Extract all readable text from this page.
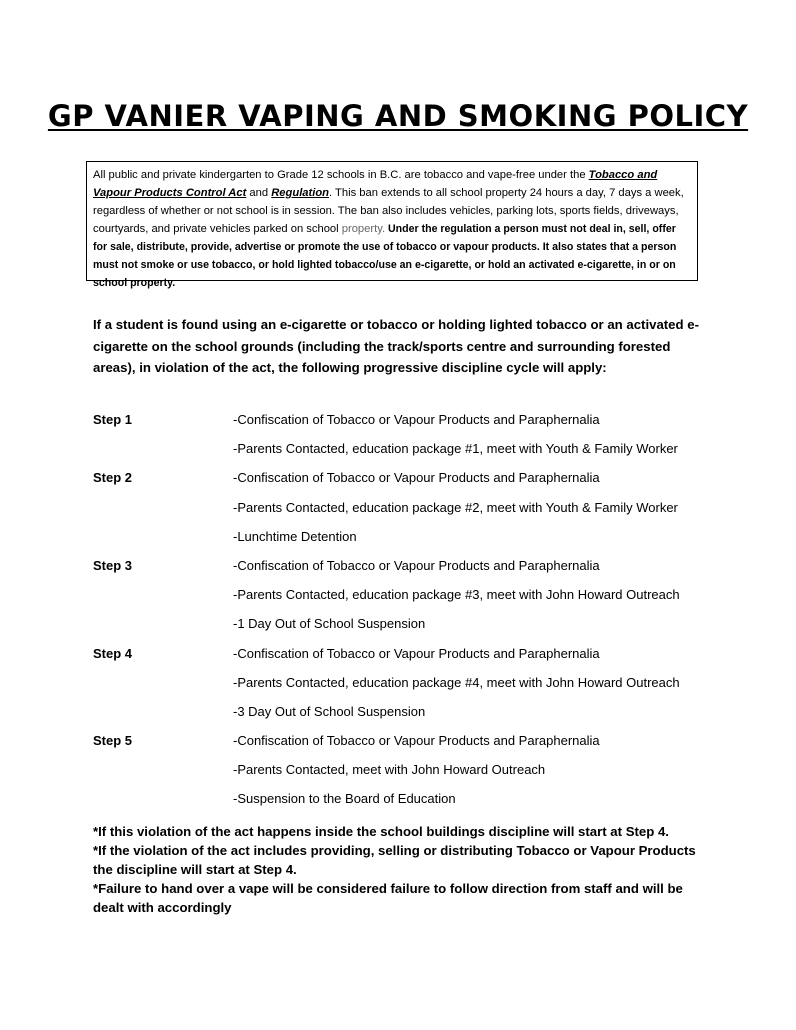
GP VANIER VAPING AND SMOKING POLICY
All public and private kindergarten to Grade 12 schools in B.C. are tobacco and vape-free under the Tobacco and Vapour Products Control Act and Regulation. This ban extends to all school property 24 hours a day, 7 days a week, regardless of whether or not school is in session. The ban also includes vehicles, parking lots, sports fields, driveways, courtyards, and private vehicles parked on school property. Under the regulation a person must not deal in, sell, offer for sale, distribute, provide, advertise or promote the use of tobacco or vapour products. It also states that a person must not smoke or use tobacco, or hold lighted tobacco/use an e-cigarette, or hold an activated e-cigarette, in or on school property.
If a student is found using an e-cigarette or tobacco or holding lighted tobacco or an activated e-cigarette on the school grounds (including the track/sports centre and surrounding forested areas), in violation of the act, the following progressive discipline cycle will apply:
Step 1	-Confiscation of Tobacco or Vapour Products and Paraphernalia
-Parents Contacted, education package #1, meet with Youth & Family Worker
Step 2	-Confiscation of Tobacco or Vapour Products and Paraphernalia
-Parents Contacted, education package #2, meet with Youth & Family Worker
-Lunchtime Detention
Step 3	-Confiscation of Tobacco or Vapour Products and Paraphernalia
-Parents Contacted, education package #3, meet with John Howard Outreach
-1 Day Out of School Suspension
Step 4	-Confiscation of Tobacco or Vapour Products and Paraphernalia
-Parents Contacted, education package #4, meet with John Howard Outreach
-3 Day Out of School Suspension
Step 5	-Confiscation of Tobacco or Vapour Products and Paraphernalia
-Parents Contacted, meet with John Howard Outreach
-Suspension to the Board of Education

*If this violation of the act happens inside the school buildings discipline will start at Step 4.

*If the violation of the act includes providing, selling or distributing Tobacco or Vapour Products the discipline will start at Step 4.

*Failure to hand over a vape will be considered failure to follow direction from staff and will be dealt with accordingly
